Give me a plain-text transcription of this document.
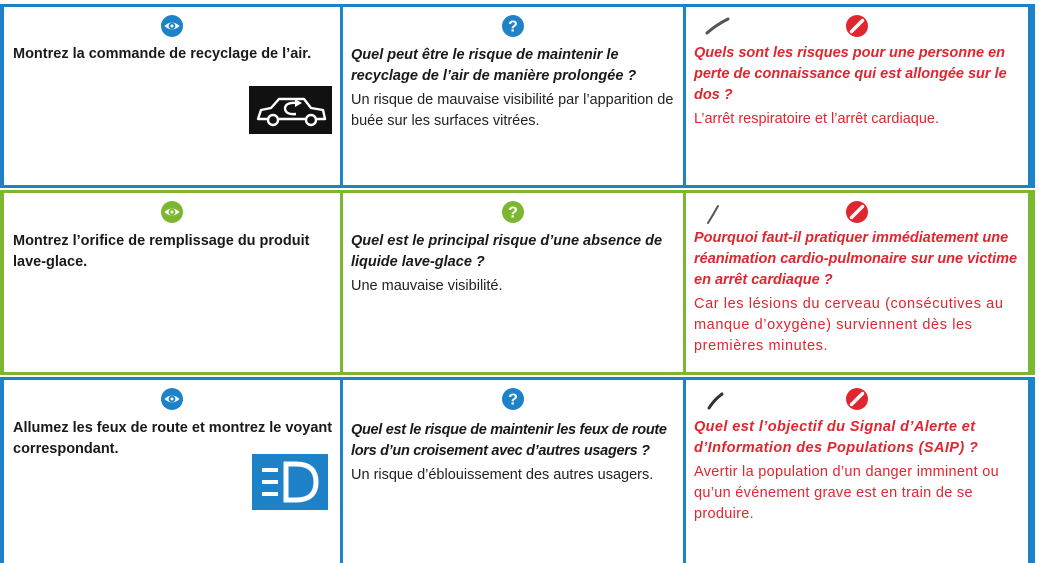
Montrez la commande de recyclage de l’air.
?
Quel peut être le risque de maintenir le recyclage de l’air de manière prolongée ?
Un risque de mauvaise visibilité par l’apparition de buée sur les surfaces vitrées.
Quels sont les risques pour une personne en perte de connaissance qui est allongée sur le dos ?
L’arrêt respiratoire et l’arrêt cardiaque.
Montrez l’orifice de remplissage du produit lave-glace.
?
Quel est le principal risque d’une absence de liquide lave-glace ?
Une mauvaise visibilité.
Pourquoi faut-il pratiquer immédiatement une réanimation cardio-pulmonaire sur une victime en arrêt cardiaque ?
Car les lésions du cerveau (consécutives au manque d’oxygène) surviennent dès les premières minutes.
Allumez les feux de route et montrez le voyant correspondant.
?
Quel est le risque de maintenir les feux de route lors d’un croisement avec d’autres usagers ?
Un risque d’éblouissement des autres usagers.
Quel est l’objectif du Signal d’Alerte et d’Information des Populations (SAIP) ?
Avertir la population d’un danger imminent ou qu’un événement grave est en train de se produire.
